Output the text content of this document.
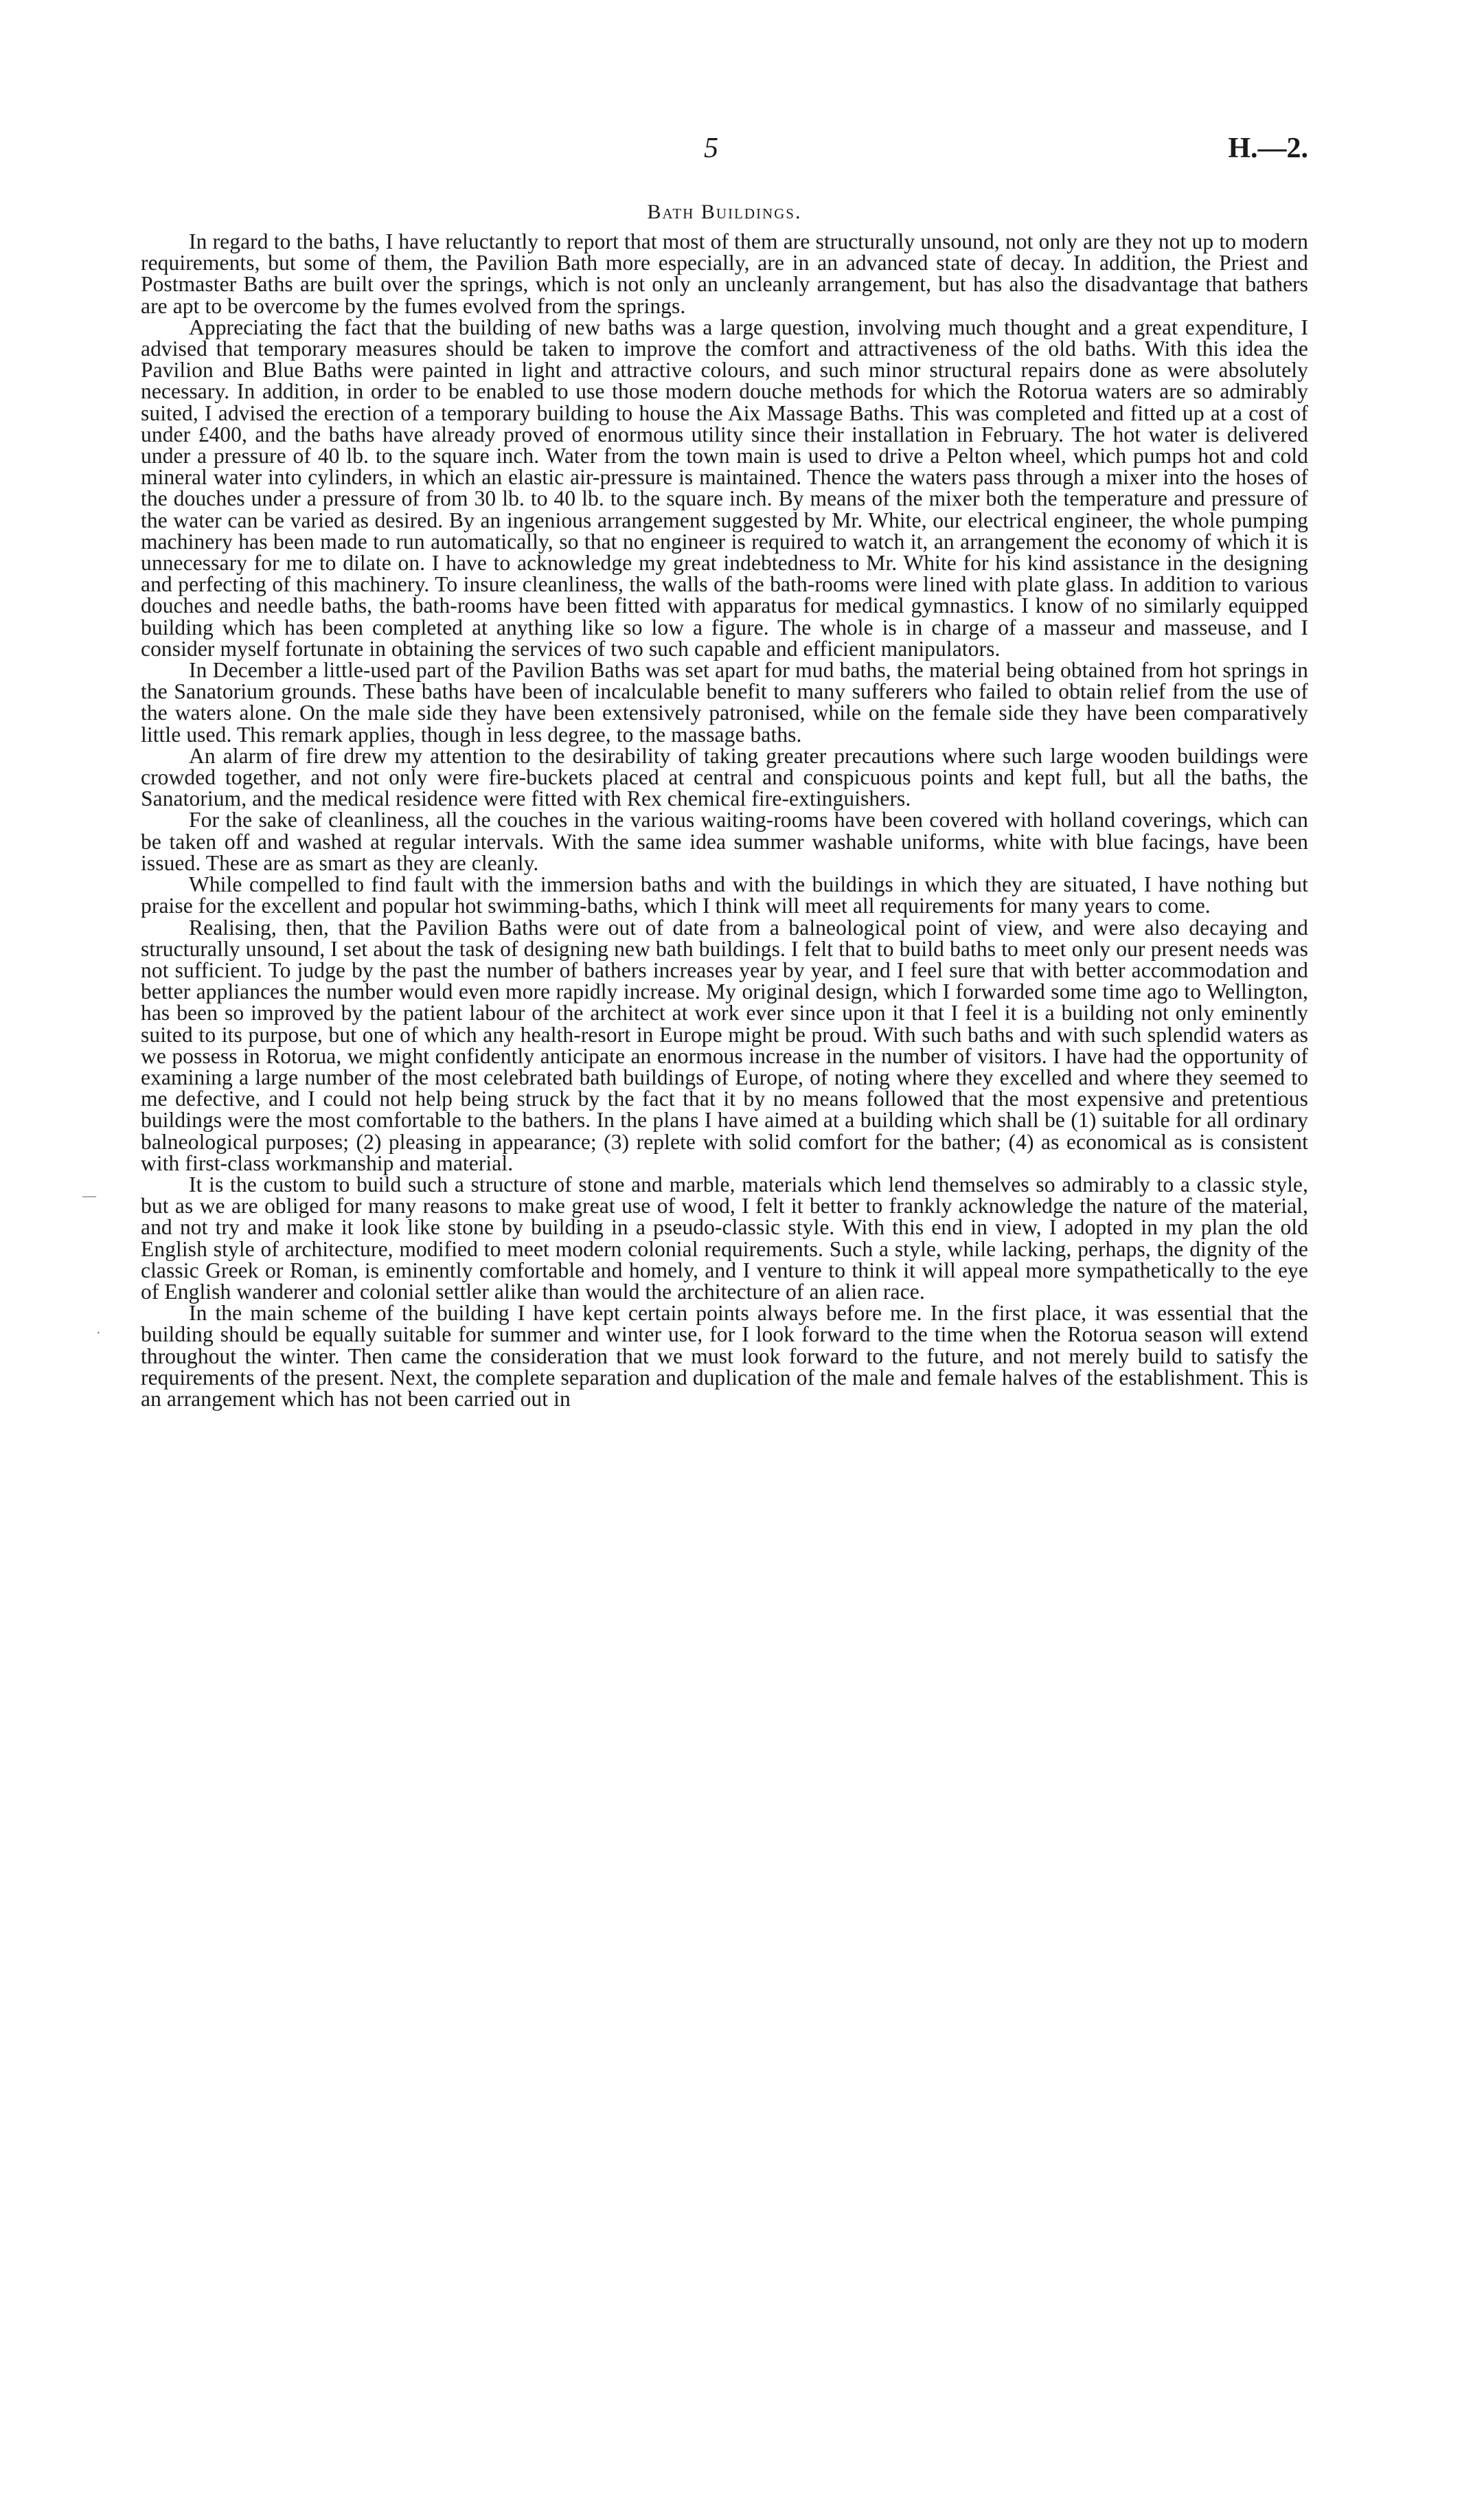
5	H.—2.
Bath Buildings.

In regard to the baths, I have reluctantly to report that most of them are structurally unsound, not only are they not up to modern requirements, but some of them, the Pavilion Bath more especially, are in an advanced state of decay. In addition, the Priest and Postmaster Baths are built over the springs, which is not only an uncleanly arrangement, but has also the disadvantage that bathers are apt to be overcome by the fumes evolved from the springs.

Appreciating the fact that the building of new baths was a large question, involving much thought and a great expenditure, I advised that temporary measures should be taken to improve the comfort and attractiveness of the old baths. With this idea the Pavilion and Blue Baths were painted in light and attractive colours, and such minor structural repairs done as were absolutely necessary. In addition, in order to be enabled to use those modern douche methods for which the Rotorua waters are so admirably suited, I advised the erection of a temporary building to house the Aix Massage Baths. This was completed and fitted up at a cost of under £400, and the baths have already proved of enormous utility since their installation in February. The hot water is delivered under a pressure of 40 lb. to the square inch. Water from the town main is used to drive a Pelton wheel, which pumps hot and cold mineral water into cylinders, in which an elastic air-pressure is maintained. Thence the waters pass through a mixer into the hoses of the douches under a pressure of from 30 lb. to 40 lb. to the square inch. By means of the mixer both the temperature and pressure of the water can be varied as desired. By an ingenious arrangement suggested by Mr. White, our electrical engineer, the whole pumping machinery has been made to run automatically, so that no engineer is required to watch it, an arrangement the economy of which it is unnecessary for me to dilate on. I have to acknowledge my great indebtedness to Mr. White for his kind assistance in the designing and perfecting of this machinery. To insure cleanliness, the walls of the bath-rooms were lined with plate glass. In addition to various douches and needle baths, the bath-rooms have been fitted with apparatus for medical gymnastics. I know of no similarly equipped building which has been completed at anything like so low a figure. The whole is in charge of a masseur and masseuse, and I consider myself fortunate in obtaining the services of two such capable and efficient manipulators.

In December a little-used part of the Pavilion Baths was set apart for mud baths, the material being obtained from hot springs in the Sanatorium grounds. These baths have been of incalculable benefit to many sufferers who failed to obtain relief from the use of the waters alone. On the male side they have been extensively patronised, while on the female side they have been comparatively little used. This remark applies, though in less degree, to the massage baths.

An alarm of fire drew my attention to the desirability of taking greater precautions where such large wooden buildings were crowded together, and not only were fire-buckets placed at central and conspicuous points and kept full, but all the baths, the Sanatorium, and the medical residence were fitted with Rex chemical fire-extinguishers.

For the sake of cleanliness, all the couches in the various waiting-rooms have been covered with holland coverings, which can be taken off and washed at regular intervals. With the same idea summer washable uniforms, white with blue facings, have been issued. These are as smart as they are cleanly.

While compelled to find fault with the immersion baths and with the buildings in which they are situated, I have nothing but praise for the excellent and popular hot swimming-baths, which I think will meet all requirements for many years to come.

Realising, then, that the Pavilion Baths were out of date from a balneological point of view, and were also decaying and structurally unsound, I set about the task of designing new bath buildings. I felt that to build baths to meet only our present needs was not sufficient. To judge by the past the number of bathers increases year by year, and I feel sure that with better accommodation and better appliances the number would even more rapidly increase. My original design, which I forwarded some time ago to Wellington, has been so improved by the patient labour of the architect at work ever since upon it that I feel it is a building not only eminently suited to its purpose, but one of which any health-resort in Europe might be proud. With such baths and with such splendid waters as we possess in Rotorua, we might confidently anticipate an enormous increase in the number of visitors. I have had the opportunity of examining a large number of the most celebrated bath buildings of Europe, of noting where they excelled and where they seemed to me defective, and I could not help being struck by the fact that it by no means followed that the most expensive and pretentious buildings were the most comfortable to the bathers. In the plans I have aimed at a building which shall be (1) suitable for all ordinary balneological purposes; (2) pleasing in appearance; (3) replete with solid comfort for the bather; (4) as economical as is consistent with first-class workmanship and material.

It is the custom to build such a structure of stone and marble, materials which lend themselves so admirably to a classic style, but as we are obliged for many reasons to make great use of wood, I felt it better to frankly acknowledge the nature of the material, and not try and make it look like stone by building in a pseudo-classic style. With this end in view, I adopted in my plan the old English style of architecture, modified to meet modern colonial requirements. Such a style, while lacking, perhaps, the dignity of the classic Greek or Roman, is eminently comfortable and homely, and I venture to think it will appeal more sympathetically to the eye of English wanderer and colonial settler alike than would the architecture of an alien race.

In the main scheme of the building I have kept certain points always before me. In the first place, it was essential that the building should be equally suitable for summer and winter use, for I look forward to the time when the Rotorua season will extend throughout the winter. Then came the consideration that we must look forward to the future, and not merely build to satisfy the requirements of the present. Next, the complete separation and duplication of the male and female halves of the establishment. This is an arrangement which has not been carried out in

—
·
